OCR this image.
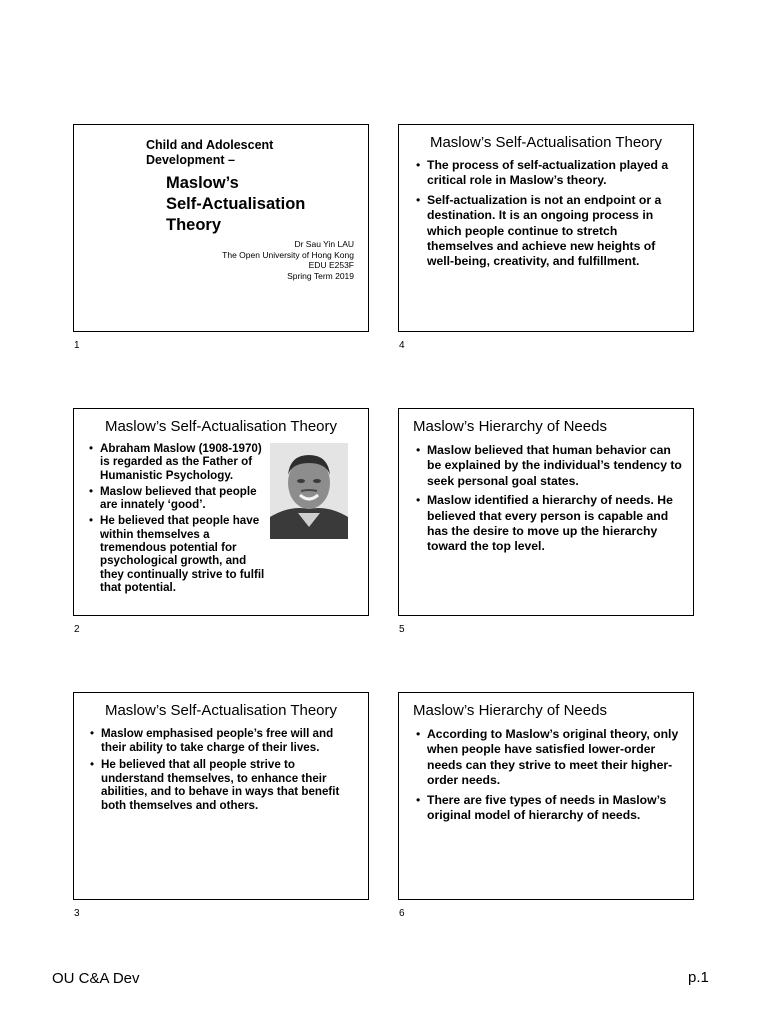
Child and Adolescent Development –
Maslow’s
Self-Actualisation
Theory
Dr Sau Yin LAU
The Open University of Hong Kong
EDU E253F
Spring Term 2019
1
Maslow’s Self-Actualisation Theory
• Abraham Maslow (1908-1970) is regarded as the Father of Humanistic Psychology.
• Maslow believed that people are innately ‘good’.
• He believed that people have within themselves a tremendous potential for psychological growth, and they continually strive to fulfil that potential.
2
Maslow’s Self-Actualisation Theory
• Maslow emphasised people’s free will and their ability to take charge of their lives.
• He believed that all people strive to understand themselves, to enhance their abilities, and to behave in ways that benefit both themselves and others.
3
Maslow’s Self-Actualisation Theory
• The process of self-actualization played a critical role in Maslow’s theory.
• Self-actualization is not an endpoint or a destination. It is an ongoing process in which people continue to stretch themselves and achieve new heights of well-being, creativity, and fulfillment.
4
Maslow’s Hierarchy of Needs
• Maslow believed that human behavior can be explained by the individual’s tendency to seek personal goal states.
• Maslow identified a hierarchy of needs. He believed that every person is capable and has the desire to move up the hierarchy toward the top level.
5
Maslow’s Hierarchy of Needs
• According to Maslow’s original theory, only when people have satisfied lower-order needs can they strive to meet their higher-order needs.
• There are five types of needs in Maslow’s original model of hierarchy of needs.
6
OU C&A Dev	p.1
